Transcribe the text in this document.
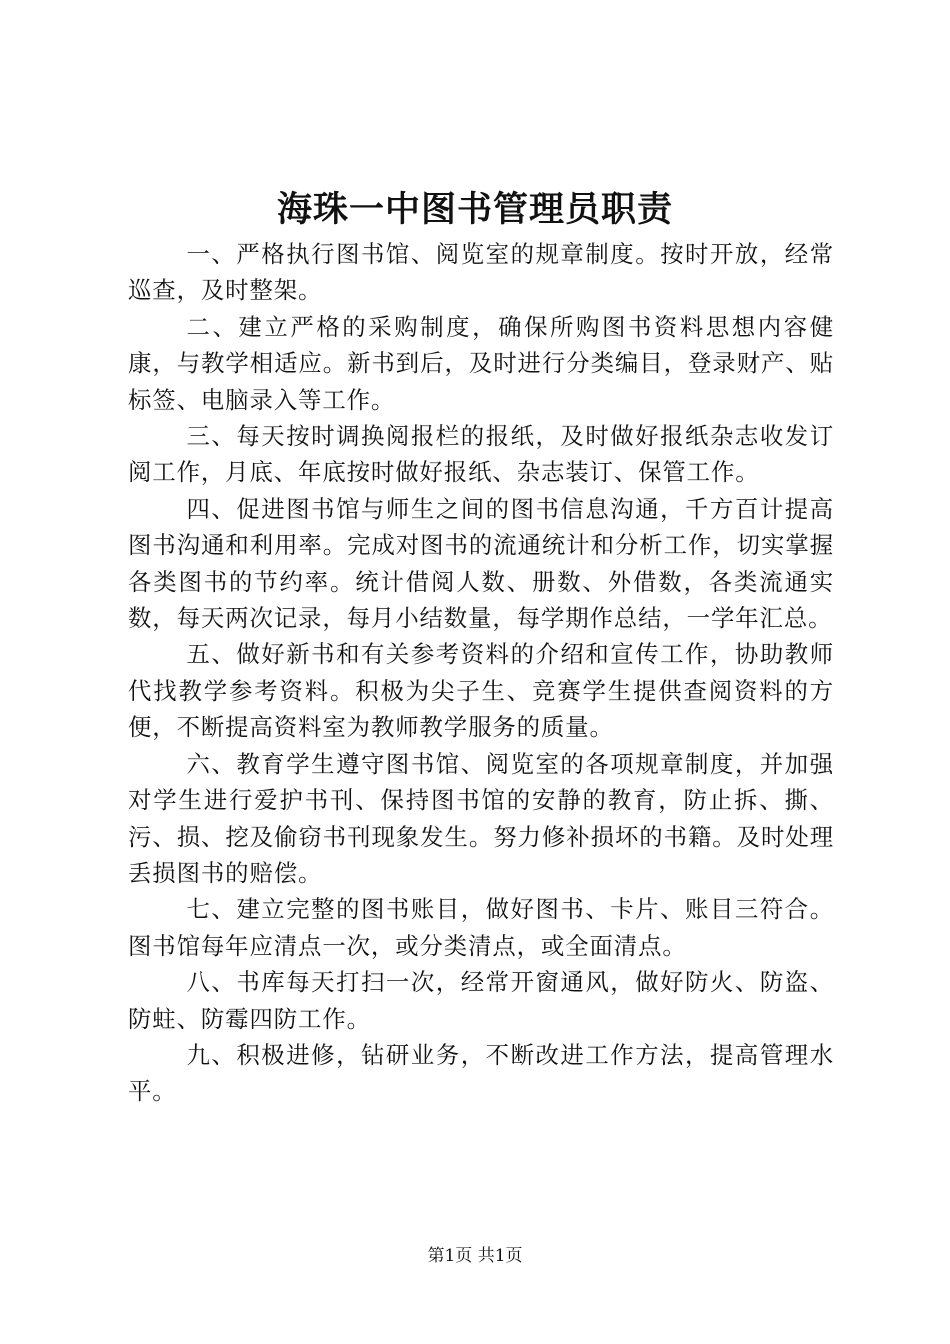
海珠一中图书管理员职责

一、严格执行图书馆、阅览室的规章制度。按时开放，经常巡查，及时整架。

二、建立严格的采购制度，确保所购图书资料思想内容健康，与教学相适应。新书到后，及时进行分类编目，登录财产、贴标签、电脑录入等工作。

三、每天按时调换阅报栏的报纸，及时做好报纸杂志收发订阅工作，月底、年底按时做好报纸、杂志装订、保管工作。

四、促进图书馆与师生之间的图书信息沟通，千方百计提高图书沟通和利用率。完成对图书的流通统计和分析工作，切实掌握各类图书的节约率。统计借阅人数、册数、外借数，各类流通实数，每天两次记录，每月小结数量，每学期作总结，一学年汇总。

五、做好新书和有关参考资料的介绍和宣传工作，协助教师代找教学参考资料。积极为尖子生、竞赛学生提供查阅资料的方便，不断提高资料室为教师教学服务的质量。

六、教育学生遵守图书馆、阅览室的各项规章制度，并加强对学生进行爱护书刊、保持图书馆的安静的教育，防止拆、撕、污、损、挖及偷窃书刊现象发生。努力修补损坏的书籍。及时处理丢损图书的赔偿。

七、建立完整的图书账目，做好图书、卡片、账目三符合。图书馆每年应清点一次，或分类清点，或全面清点。

八、书库每天打扫一次，经常开窗通风，做好防火、防盗、防蛀、防霉四防工作。

九、积极进修，钻研业务，不断改进工作方法，提高管理水平。

第1页 共1页
